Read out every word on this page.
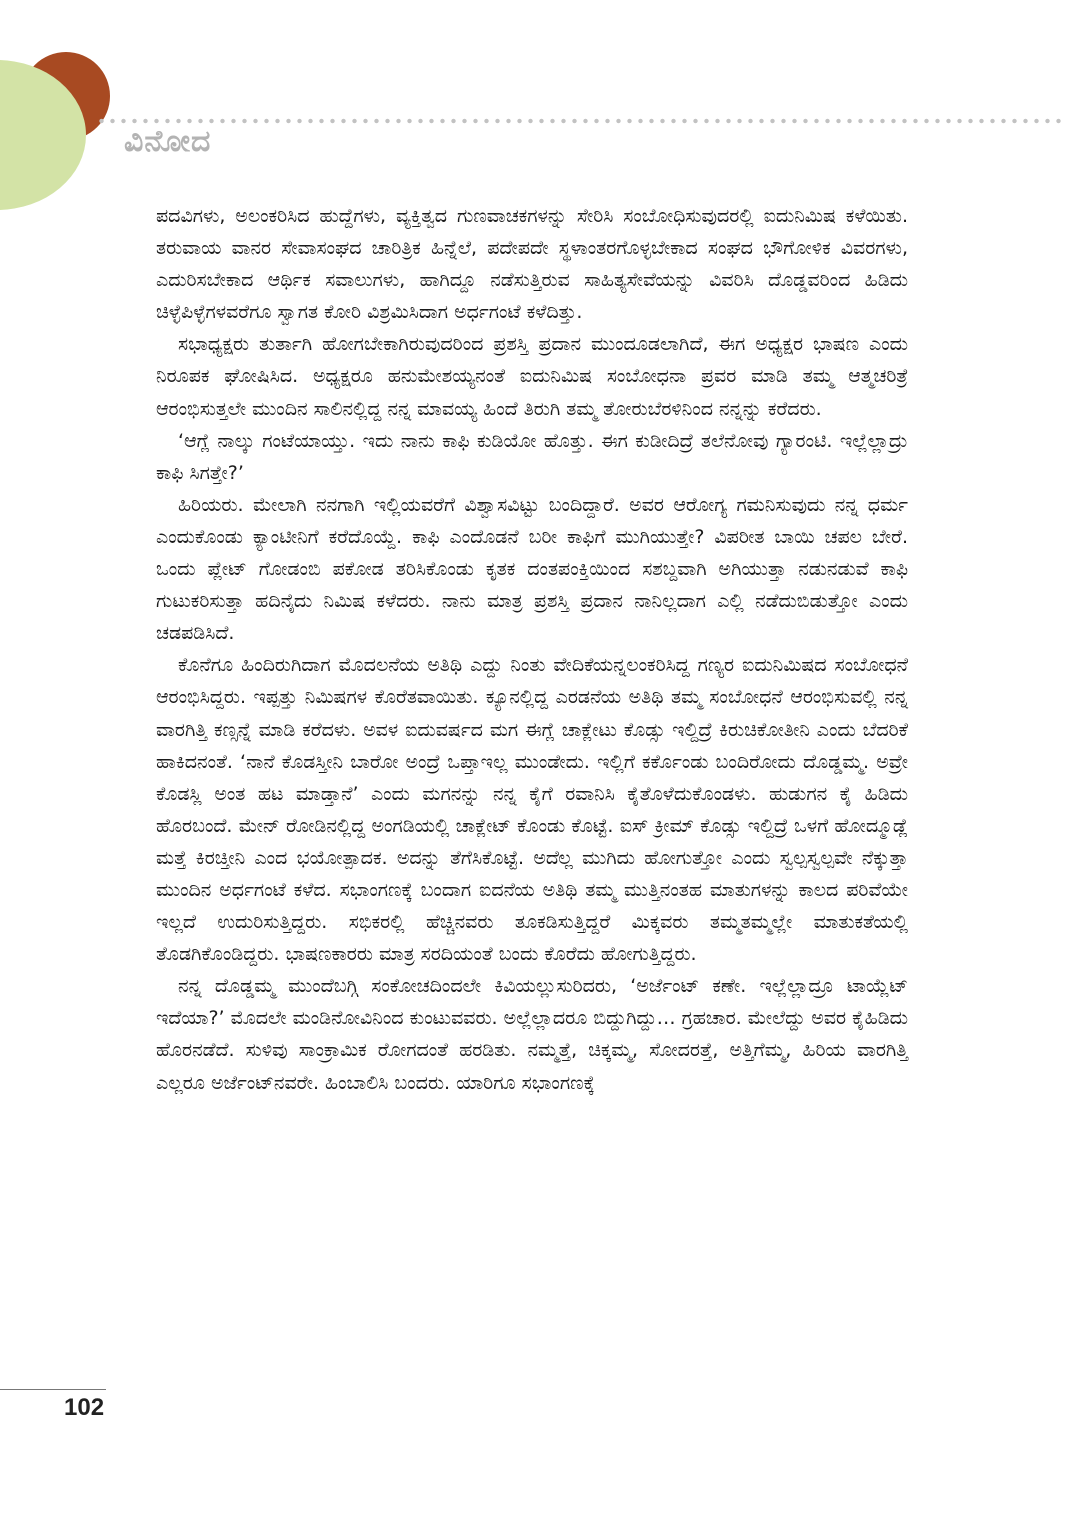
ವಿನೋದ

ಪದವಿಗಳು, ಅಲಂಕರಿಸಿದ ಹುದ್ದೆಗಳು, ವ್ಯಕ್ತಿತ್ವದ ಗುಣವಾಚಕಗಳನ್ನು ಸೇರಿಸಿ ಸಂಬೋಧಿಸುವುದರಲ್ಲಿ ಐದುನಿಮಿಷ ಕಳೆಯಿತು. ತರುವಾಯ ವಾನರ ಸೇವಾಸಂಘದ ಚಾರಿತ್ರಿಕ ಹಿನ್ನೆಲೆ, ಪದೇಪದೇ ಸ್ಥಳಾಂತರಗೊಳ್ಳಬೇಕಾದ ಸಂಘದ ಭೌಗೋಳಿಕ ವಿವರಗಳು, ಎದುರಿಸಬೇಕಾದ ಆರ್ಥಿಕ ಸವಾಲುಗಳು, ಹಾಗಿದ್ದೂ ನಡೆಸುತ್ತಿರುವ ಸಾಹಿತ್ಯಸೇವೆಯನ್ನು ವಿವರಿಸಿ ದೊಡ್ಡವರಿಂದ ಹಿಡಿದು ಚಿಳ್ಳೆಪಿಳ್ಳೆಗಳವರೆಗೂ ಸ್ವಾಗತ ಕೋರಿ ವಿಶ್ರಮಿಸಿದಾಗ ಅರ್ಧಗಂಟೆ ಕಳೆದಿತ್ತು.

ಸಭಾಧ್ಯಕ್ಷರು ತುರ್ತಾಗಿ ಹೋಗಬೇಕಾಗಿರುವುದರಿಂದ ಪ್ರಶಸ್ತಿ ಪ್ರದಾನ ಮುಂದೂಡಲಾಗಿದೆ, ಈಗ ಅಧ್ಯಕ್ಷರ ಭಾಷಣ ಎಂದು ನಿರೂಪಕ ಘೋಷಿಸಿದ. ಅಧ್ಯಕ್ಷರೂ ಹನುಮೇಶಯ್ಯನಂತೆ ಐದುನಿಮಿಷ ಸಂಬೋಧನಾ ಪ್ರವರ ಮಾಡಿ ತಮ್ಮ ಆತ್ಮಚರಿತ್ರೆ ಆರಂಭಿಸುತ್ತಲೇ ಮುಂದಿನ ಸಾಲಿನಲ್ಲಿದ್ದ ನನ್ನ ಮಾವಯ್ಯ ಹಿಂದೆ ತಿರುಗಿ ತಮ್ಮ ತೋರುಬೆರಳಿನಿಂದ ನನ್ನನ್ನು ಕರೆದರು.

‘ಆಗ್ಲೆ ನಾಲ್ಕು ಗಂಟೆಯಾಯ್ತು. ಇದು ನಾನು ಕಾಫಿ ಕುಡಿಯೋ ಹೊತ್ತು. ಈಗ ಕುಡೀದಿದ್ರೆ ತಲೆನೋವು ಗ್ಯಾರಂಟಿ. ಇಲ್ಲೆಲ್ಲಾದ್ರು ಕಾಫಿ ಸಿಗತ್ತೇ?’

ಹಿರಿಯರು. ಮೇಲಾಗಿ ನನಗಾಗಿ ಇಲ್ಲಿಯವರೆಗೆ ವಿಶ್ವಾಸವಿಟ್ಟು ಬಂದಿದ್ದಾರೆ. ಅವರ ಆರೋಗ್ಯ ಗಮನಿಸುವುದು ನನ್ನ ಧರ್ಮ ಎಂದುಕೊಂಡು ಕ್ಯಾಂಟೀನಿಗೆ ಕರೆದೊಯ್ದೆ. ಕಾಫಿ ಎಂದೊಡನೆ ಬರೀ ಕಾಫಿಗೆ ಮುಗಿಯುತ್ತೇ? ವಿಪರೀತ ಬಾಯಿ ಚಪಲ ಬೇರೆ. ಒಂದು ಪ್ಲೇಟ್ ಗೋಡಂಬಿ ಪಕೋಡ ತರಿಸಿಕೊಂಡು ಕೃತಕ ದಂತಪಂಕ್ತಿಯಿಂದ ಸಶಬ್ದವಾಗಿ ಅಗಿಯುತ್ತಾ ನಡುನಡುವೆ ಕಾಫಿ ಗುಟುಕರಿಸುತ್ತಾ ಹದಿನೈದು ನಿಮಿಷ ಕಳೆದರು. ನಾನು ಮಾತ್ರ ಪ್ರಶಸ್ತಿ ಪ್ರದಾನ ನಾನಿಲ್ಲದಾಗ ಎಲ್ಲಿ ನಡೆದುಬಿಡುತ್ತೋ ಎಂದು ಚಡಪಡಿಸಿದೆ.

ಕೊನೆಗೂ ಹಿಂದಿರುಗಿದಾಗ ಮೊದಲನೆಯ ಅತಿಥಿ ಎದ್ದು ನಿಂತು ವೇದಿಕೆಯನ್ನಲಂಕರಿಸಿದ್ದ ಗಣ್ಯರ ಐದುನಿಮಿಷದ ಸಂಬೋಧನೆ ಆರಂಭಿಸಿದ್ದರು. ಇಪ್ಪತ್ತು ನಿಮಿಷಗಳ ಕೊರೆತವಾಯಿತು. ಕ್ಯೂನಲ್ಲಿದ್ದ ಎರಡನೆಯ ಅತಿಥಿ ತಮ್ಮ ಸಂಬೋಧನೆ ಆರಂಭಿಸುವಲ್ಲಿ ನನ್ನ ವಾರಗಿತ್ತಿ ಕಣ್ಸನ್ನೆ ಮಾಡಿ ಕರೆದಳು. ಅವಳ ಐದುವರ್ಷದ ಮಗ ಈಗ್ಲೆ ಚಾಕ್ಲೇಟು ಕೊಡ್ಸು ಇಲ್ದಿದ್ರೆ ಕಿರುಚಿಕೋತೀನಿ ಎಂದು ಬೆದರಿಕೆ ಹಾಕಿದನಂತೆ. ‘ನಾನೆ ಕೊಡಸ್ತೀನಿ ಬಾರೋ ಅಂದ್ರೆ ಒಪ್ತಾಇಲ್ಲ ಮುಂಡೇದು. ಇಲ್ಲಿಗೆ ಕರ್ಕೊಂಡು ಬಂದಿರೋದು ದೊಡ್ಡಮ್ಮ. ಅವ್ರೇ ಕೊಡಸ್ಲಿ ಅಂತ ಹಟ ಮಾಡ್ತಾನೆ’ ಎಂದು ಮಗನನ್ನು ನನ್ನ ಕೈಗೆ ರವಾನಿಸಿ ಕೈತೊಳೆದುಕೊಂಡಳು. ಹುಡುಗನ ಕೈ ಹಿಡಿದು ಹೊರಬಂದೆ. ಮೇನ್ ರೋಡಿನಲ್ಲಿದ್ದ ಅಂಗಡಿಯಲ್ಲಿ ಚಾಕ್ಲೇಟ್ ಕೊಂಡು ಕೊಟ್ಟೆ. ಐಸ್ ಕ್ರೀಮ್ ಕೊಡ್ಸು ಇಲ್ದಿದ್ರೆ ಒಳಗೆ ಹೋದ್ಮೂಡ್ಲೆ ಮತ್ತೆ ಕಿರಚ್ತೀನಿ ಎಂದ ಭಯೋತ್ಪಾದಕ. ಅದನ್ನು ತೆಗೆಸಿಕೊಟ್ಟೆ. ಅದೆಲ್ಲ ಮುಗಿದು ಹೋಗುತ್ತೋ ಎಂದು ಸ್ವಲ್ಪಸ್ವಲ್ಪವೇ ನೆಕ್ಕುತ್ತಾ ಮುಂದಿನ ಅರ್ಧಗಂಟೆ ಕಳೆದ. ಸಭಾಂಗಣಕ್ಕೆ ಬಂದಾಗ ಐದನೆಯ ಅತಿಥಿ ತಮ್ಮ ಮುತ್ತಿನಂತಹ ಮಾತುಗಳನ್ನು ಕಾಲದ ಪರಿವೆಯೇ ಇಲ್ಲದೆ ಉದುರಿಸುತ್ತಿದ್ದರು. ಸಭಿಕರಲ್ಲಿ ಹೆಚ್ಚಿನವರು ತೂಕಡಿಸುತ್ತಿದ್ದರೆ ಮಿಕ್ಕವರು ತಮ್ಮತಮ್ಮಲ್ಲೇ ಮಾತುಕತೆಯಲ್ಲಿ ತೊಡಗಿಕೊಂಡಿದ್ದರು. ಭಾಷಣಕಾರರು ಮಾತ್ರ ಸರದಿಯಂತೆ ಬಂದು ಕೊರೆದು ಹೋಗುತ್ತಿದ್ದರು.

ನನ್ನ ದೊಡ್ಡಮ್ಮ ಮುಂದೆಬಗ್ಗಿ ಸಂಕೋಚದಿಂದಲೇ ಕಿವಿಯಲ್ಲುಸುರಿದರು, ‘ಅರ್ಜೆಂಟ್ ಕಣೇ. ಇಲ್ಲೆಲ್ಲಾದ್ರೂ ಟಾಯ್ಲೆಟ್ ಇದೆಯಾ?’ ಮೊದಲೇ ಮಂಡಿನೋವಿನಿಂದ ಕುಂಟುವವರು. ಅಲ್ಲೆಲ್ಲಾದರೂ ಬಿದ್ದುಗಿದ್ದು… ಗ್ರಹಚಾರ. ಮೇಲೆದ್ದು ಅವರ ಕೈಹಿಡಿದು ಹೊರನಡೆದೆ. ಸುಳಿವು ಸಾಂಕ್ರಾಮಿಕ ರೋಗದಂತೆ ಹರಡಿತು. ನಮ್ಮತ್ತೆ, ಚಿಕ್ಕಮ್ಮ, ಸೋದರತ್ತೆ, ಅತ್ತಿಗೆಮ್ಮ, ಹಿರಿಯ ವಾರಗಿತ್ತಿ ಎಲ್ಲರೂ ಅರ್ಜೆಂಟ್‌ನವರೇ. ಹಿಂಬಾಲಿಸಿ ಬಂದರು. ಯಾರಿಗೂ ಸಭಾಂಗಣಕ್ಕೆ

102
